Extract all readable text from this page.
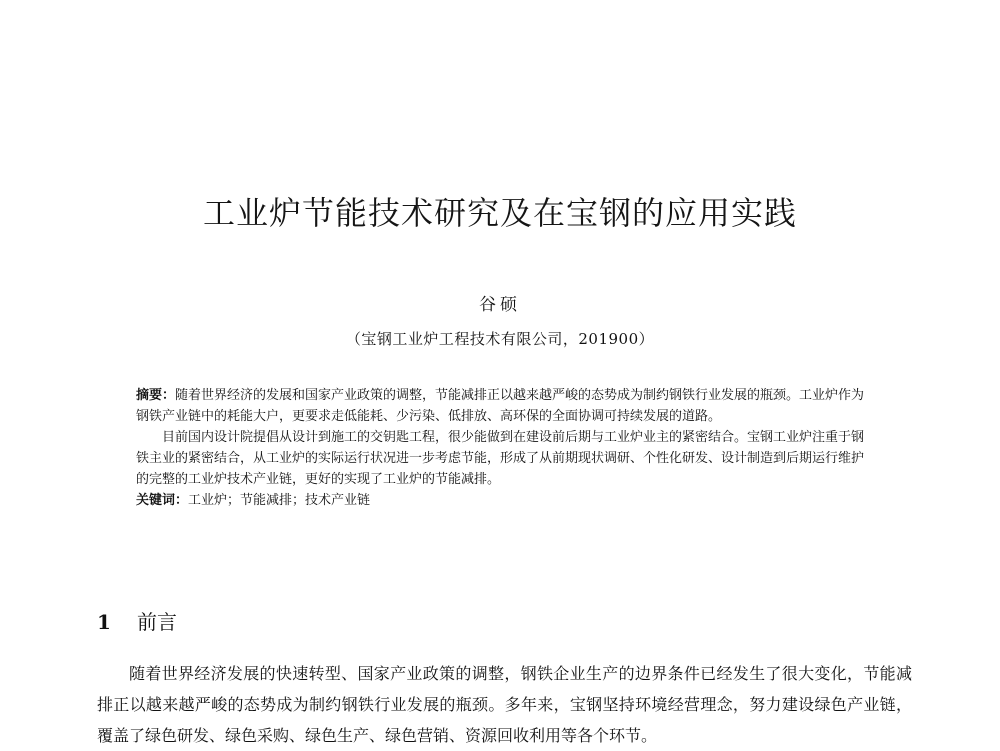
工业炉节能技术研究及在宝钢的应用实践
谷硕
（宝钢工业炉工程技术有限公司，201900）

摘要：随着世界经济的发展和国家产业政策的调整，节能减排正以越来越严峻的态势成为制约钢铁行业发展的瓶颈。工业炉作为钢铁产业链中的耗能大户，更要求走低能耗、少污染、低排放、高环保的全面协调可持续发展的道路。

目前国内设计院提倡从设计到施工的交钥匙工程，很少能做到在建设前后期与工业炉业主的紧密结合。宝钢工业炉注重于钢铁主业的紧密结合，从工业炉的实际运行状况进一步考虑节能，形成了从前期现状调研、个性化研发、设计制造到后期运行维护的完整的工业炉技术产业链，更好的实现了工业炉的节能减排。

关键词：工业炉；节能减排；技术产业链

1 前言

随着世界经济发展的快速转型、国家产业政策的调整，钢铁企业生产的边界条件已经发生了很大变化，节能减排正以越来越严峻的态势成为制约钢铁行业发展的瓶颈。多年来，宝钢坚持环境经营理念，努力建设绿色产业链，覆盖了绿色研发、绿色采购、绿色生产、绿色营销、资源回收利用等各个环节。
